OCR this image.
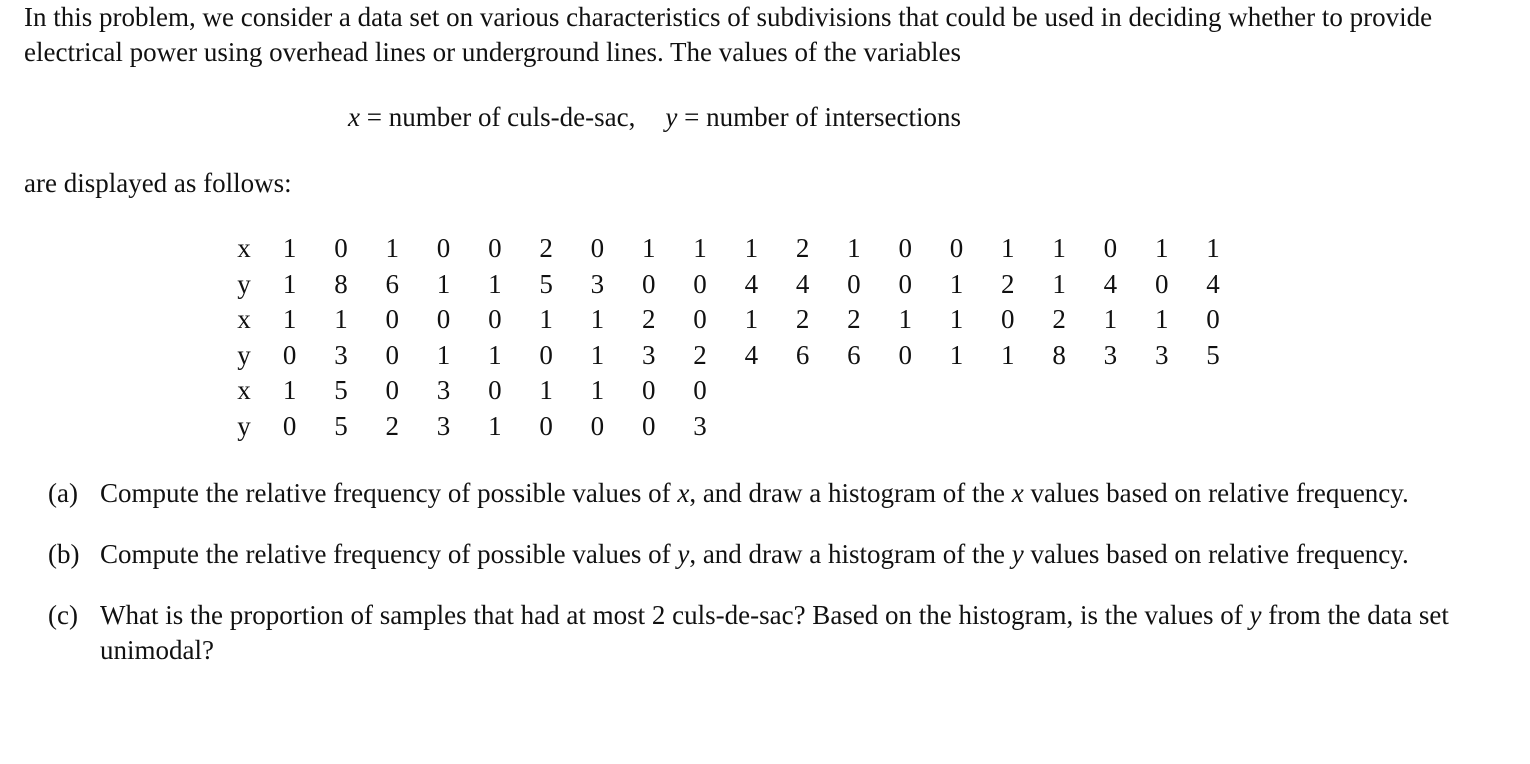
In this problem, we consider a data set on various characteristics of subdivisions that could be used in deciding whether to provide electrical power using overhead lines or underground lines. The values of the variables

x = number of culs-de-sac, y = number of intersections
are displayed as follows:
x	1	0	1	0	0	2	0	1	1	1	2	1	0	0	1	1	0	1	1
y	1	8	6	1	1	5	3	0	0	4	4	0	0	1	2	1	4	0	4
x	1	1	0	0	0	1	1	2	0	1	2	2	1	1	0	2	1	1	0
y	0	3	0	1	1	0	1	3	2	4	6	6	0	1	1	8	3	3	5
x	1	5	0	3	0	1	1	0	0										
y	0	5	2	3	1	0	0	0	3										
(a) Compute the relative frequency of possible values of x, and draw a histogram of the x values based on relative frequency.
(b) Compute the relative frequency of possible values of y, and draw a histogram of the y values based on relative frequency.
(c) What is the proportion of samples that had at most 2 culs-de-sac? Based on the histogram, is the values of y from the data set unimodal?
